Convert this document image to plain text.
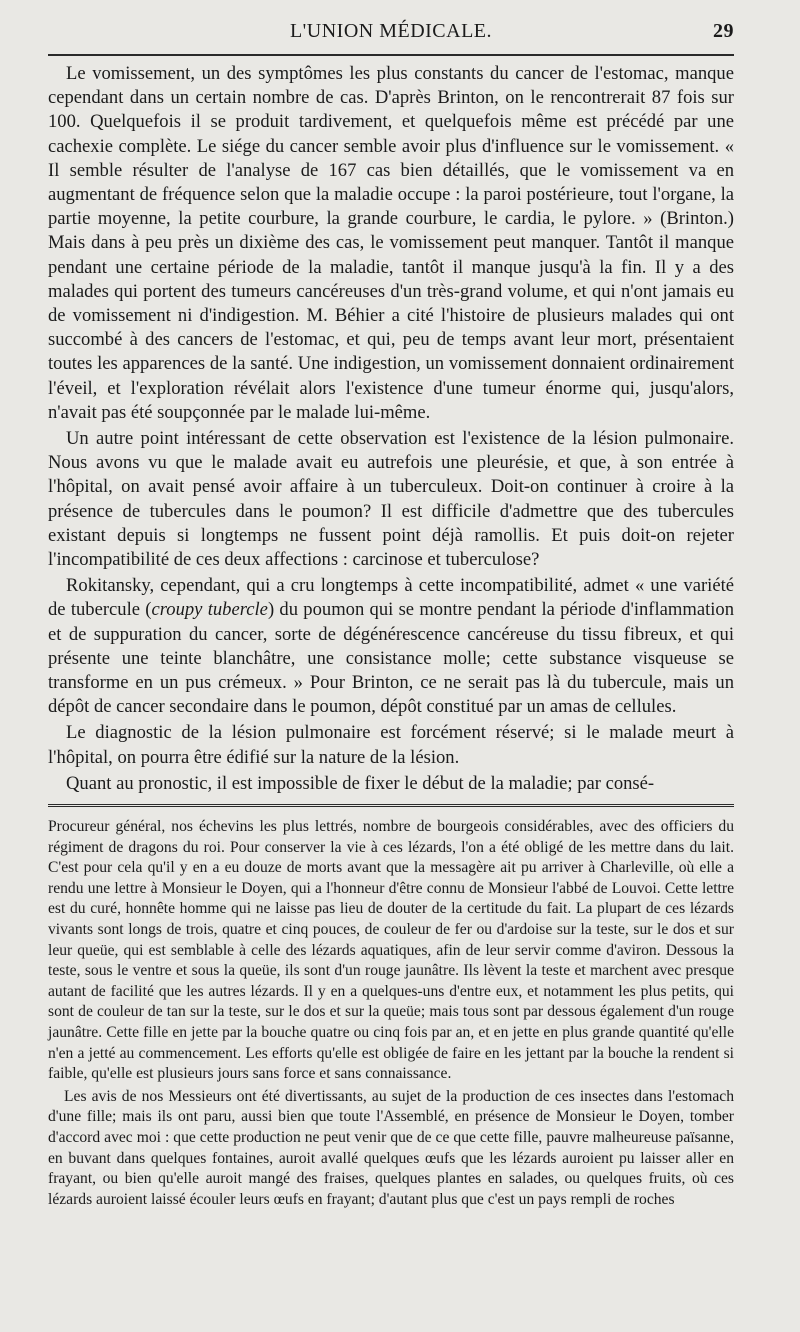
L'UNION MÉDICALE.	29

Le vomissement, un des symptômes les plus constants du cancer de l'estomac, manque cependant dans un certain nombre de cas. D'après Brinton, on le rencontrerait 87 fois sur 100. Quelquefois il se produit tardivement, et quelquefois même est précédé par une cachexie complète. Le siége du cancer semble avoir plus d'influence sur le vomissement. « Il semble résulter de l'analyse de 167 cas bien détaillés, que le vomissement va en augmentant de fréquence selon que la maladie occupe : la paroi postérieure, tout l'organe, la partie moyenne, la petite courbure, la grande courbure, le cardia, le pylore. » (Brinton.) Mais dans à peu près un dixième des cas, le vomissement peut manquer. Tantôt il manque pendant une certaine période de la maladie, tantôt il manque jusqu'à la fin. Il y a des malades qui portent des tumeurs cancéreuses d'un très-grand volume, et qui n'ont jamais eu de vomissement ni d'indigestion. M. Béhier a cité l'histoire de plusieurs malades qui ont succombé à des cancers de l'estomac, et qui, peu de temps avant leur mort, présentaient toutes les apparences de la santé. Une indigestion, un vomissement donnaient ordinairement l'éveil, et l'exploration révélait alors l'existence d'une tumeur énorme qui, jusqu'alors, n'avait pas été soupçonnée par le malade lui-même.

Un autre point intéressant de cette observation est l'existence de la lésion pulmonaire. Nous avons vu que le malade avait eu autrefois une pleurésie, et que, à son entrée à l'hôpital, on avait pensé avoir affaire à un tuberculeux. Doit-on continuer à croire à la présence de tubercules dans le poumon? Il est difficile d'admettre que des tubercules existant depuis si longtemps ne fussent point déjà ramollis. Et puis doit-on rejeter l'incompatibilité de ces deux affections : carcinose et tuberculose?

Rokitansky, cependant, qui a cru longtemps à cette incompatibilité, admet « une variété de tubercule (croupy tubercle) du poumon qui se montre pendant la période d'inflammation et de suppuration du cancer, sorte de dégénérescence cancéreuse du tissu fibreux, et qui présente une teinte blanchâtre, une consistance molle; cette substance visqueuse se transforme en un pus crémeux. » Pour Brinton, ce ne serait pas là du tubercule, mais un dépôt de cancer secondaire dans le poumon, dépôt constitué par un amas de cellules.

Le diagnostic de la lésion pulmonaire est forcément réservé; si le malade meurt à l'hôpital, on pourra être édifié sur la nature de la lésion.

Quant au pronostic, il est impossible de fixer le début de la maladie; par consé-

Procureur général, nos échevins les plus lettrés, nombre de bourgeois considérables, avec des officiers du régiment de dragons du roi. Pour conserver la vie à ces lézards, l'on a été obligé de les mettre dans du lait. C'est pour cela qu'il y en a eu douze de morts avant que la messagère ait pu arriver à Charleville, où elle a rendu une lettre à Monsieur le Doyen, qui a l'honneur d'être connu de Monsieur l'abbé de Louvoi. Cette lettre est du curé, honnête homme qui ne laisse pas lieu de douter de la certitude du fait. La plupart de ces lézards vivants sont longs de trois, quatre et cinq pouces, de couleur de fer ou d'ardoise sur la teste, sur le dos et sur leur queüe, qui est semblable à celle des lézards aquatiques, afin de leur servir comme d'aviron. Dessous la teste, sous le ventre et sous la queüe, ils sont d'un rouge jaunâtre. Ils lèvent la teste et marchent avec presque autant de facilité que les autres lézards. Il y en a quelques-uns d'entre eux, et notamment les plus petits, qui sont de couleur de tan sur la teste, sur le dos et sur la queüe; mais tous sont par dessous également d'un rouge jaunâtre. Cette fille en jette par la bouche quatre ou cinq fois par an, et en jette en plus grande quantité qu'elle n'en a jetté au commencement. Les efforts qu'elle est obligée de faire en les jettant par la bouche la rendent si faible, qu'elle est plusieurs jours sans force et sans connaissance.

Les avis de nos Messieurs ont été divertissants, au sujet de la production de ces insectes dans l'estomach d'une fille; mais ils ont paru, aussi bien que toute l'Assemblé, en présence de Monsieur le Doyen, tomber d'accord avec moi : que cette production ne peut venir que de ce que cette fille, pauvre malheureuse païsanne, en buvant dans quelques fontaines, auroit avallé quelques œufs que les lézards auroient pu laisser aller en frayant, ou bien qu'elle auroit mangé des fraises, quelques plantes en salades, ou quelques fruits, où ces lézards auroient laissé écouler leurs œufs en frayant; d'autant plus que c'est un pays rempli de roches
